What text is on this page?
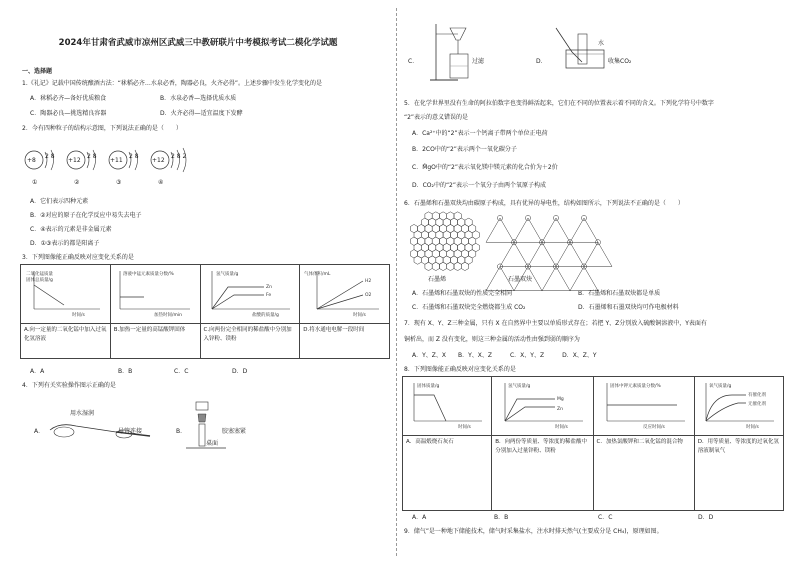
2024年甘肃省武威市凉州区武威三中教研联片中考模拟考试二模化学试题
一、选择题
1.《礼记》记载中国传统酿酒古法：“秫稻必齐…水泉必香，陶器必良，火齐必得”。上述步骤中发生化学变化的是
A．秫稻必齐—备好优质粮食	B．水泉必香—选择优质水质
C．陶器必良—挑选精良容器	D．火齐必得—适宜温度下发酵
2．今有四种粒子的结构示意图，下列说法正确的是（　　）
+8
2 8
①
+12
2 8
②
+11
2 8
③
+12
2 8 2
④
A．它们表示四种元素
B．②对应的原子在化学反应中易失去电子
C．④表示的元素是非金属元素
D．①③表示的都是阳离子
3．下列图像能正确反映对应变化关系的是
二氧化锰质量
固体总质量/g
时间/s	溶液中锰元素质量分数/%
加热时间/min	氢气质量/g
Zn
Fe
盐酸的质量/g	气体体积/mL
H2
O2
时间/s

A.向一定量的二氧化锰中加入过氧化氢溶液	B.加热一定量的高锰酸钾固体	C.向两份完全相同的稀盐酸中分别加入锌粉、镁粉	D.将水通电电解一段时间
A．A	B．B	C．C	D．D
4．下列有关实验操作图示正确的是
A．
用水湿润
导管连接	B．	胶塞塞紧
桌面
C．	过滤	D．
水
收集CO₂
5．在化学世界里没有生命的阿拉伯数字也变得鲜活起来，它们在不同的位置表示着不同的含义。下列化学符号中数字
“2”表示的意义错误的是
A．Ca²⁺中的“2”表示一个钙离子带两个单位正电荷
B．2CO中的“2”表示两个一氧化碳分子
C．M̊gO中的“2”表示氧化镁中镁元素的化合价为＋2价
D．CO₂中的“2”表示一个氧分子由两个氧原子构成
6．石墨烯和石墨双炔均由碳原子构成，具有优异的导电性，结构如图所示，下列说法不正确的是（　　）
石墨烯	石墨双炔
A．石墨烯和石墨双炔的性质完全相同	B．石墨烯和石墨双炔都是单质
C．石墨烯和石墨双炔完全燃烧都生成 CO₂	D．石墨烯和石墨双炔均可作电极材料
7．现有 X、Y、Z三种金属，只有 X 在自然界中主要以单质形式存在；若把 Y、Z分别放入硫酸铜溶液中，Y表面有
铜析出，而 Z 没有变化，则这三种金属的活动性由强到弱的顺序为
A．Y、Z、X　　B．Y、X、Z　　　C．X、Y、Z　　　D．X、Z、Y
8．下列图像能正确反映对应变化关系的是
固体质量/g
时间/s	氢气质量/g
Mg
Zn
时间/s	固体中钾元素质量分数/%
反应时间/s	氧气质量/g
有催化剂
无催化剂
时间/s

A．高温煅烧石灰石	B．向两份等质量、等浓度的稀盐酸中分别加入过量锌粉、镁粉	C．加热氯酸钾和二氧化锰的混合物	D．用等质量、等浓度的过氧化氢溶液制氧气
A．A	B．B	C．C	D．D
9．储气”是一种地下储能技术，储气时采集盐水，注水时排天然气(主要成分是 CH₄)，原理如图。
